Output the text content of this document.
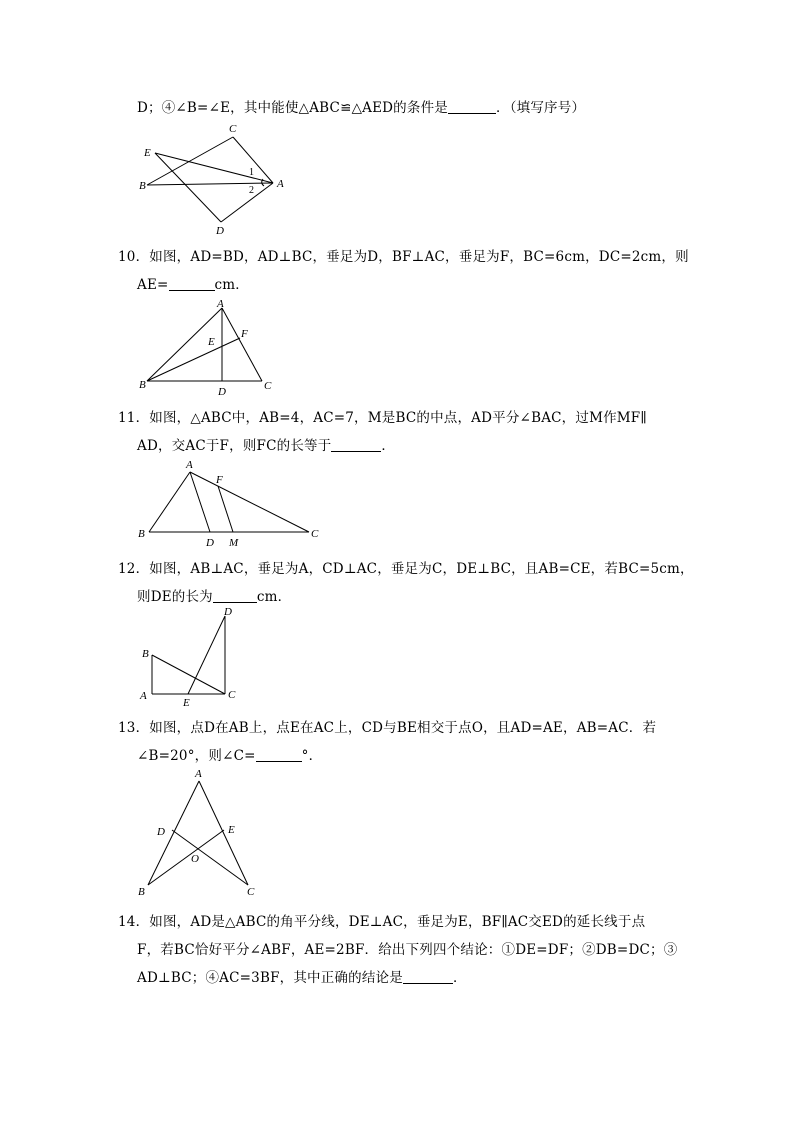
D；④∠B=∠E，其中能使△ABC≌△AED的条件是	．（填写序号）
C
E
B
1
2
A
D
10．如图，AD=BD，AD⊥BC，垂足为D，BF⊥AC，垂足为F，BC=6cm，DC=2cm，则
AE=	cm．
A
F
E
B
D	C
11．如图，△ABC中，AB=4，AC=7，M是BC的中点，AD平分∠BAC，过M作MF∥
AD，交AC于F，则FC的长等于	．
A
F
B
D M
C
12．如图，AB⊥AC，垂足为A，CD⊥AC，垂足为C，DE⊥BC，且AB=CE，若BC=5cm，
则DE的长为	cm．
D
B
A
E
C
13．如图，点D在AB上，点E在AC上，CD与BE相交于点O，且AD=AE，AB=AC．若
∠B=20°，则∠C=	°．
A
D	E
O
B	C
14．如图，AD是△ABC的角平分线，DE⊥AC，垂足为E，BF∥AC交ED的延长线于点
F，若BC恰好平分∠ABF，AE=2BF．给出下列四个结论：①DE=DF；②DB=DC；③
AD⊥BC；④AC=3BF，其中正确的结论是	．
